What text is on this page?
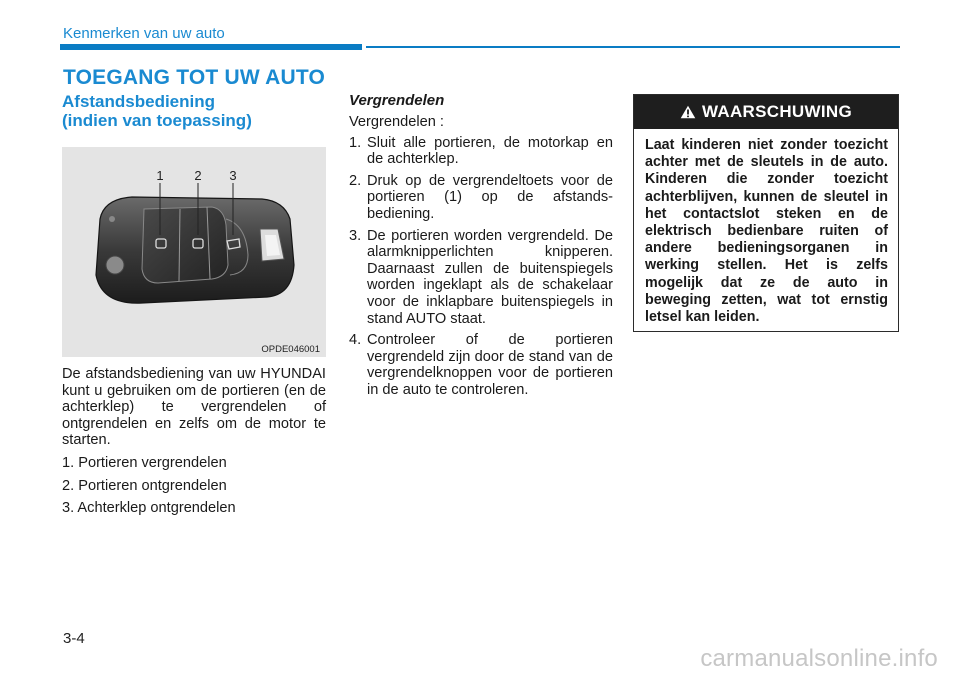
Kenmerken van uw auto
TOEGANG TOT UW AUTO
Afstandsbediening
(indien van toepassing)
1 2 3
OPDE046001
De afstandsbediening van uw HYUNDAI kunt u gebruiken om de portieren (en de achterklep) te vergrendelen of ontgrendelen en zelfs om de motor te starten.
1. Portieren vergrendelen
2. Portieren ontgrendelen
3. Achterklep ontgrendelen
Vergrendelen
Vergrendelen :
1. Sluit alle portieren, de motorkap en de achterklep.
2. Druk op de vergrendeltoets voor de portieren (1) op de afstands-bediening.
3. De portieren worden vergrendeld. De alarmknipperlichten knipperen. Daarnaast zullen de buitenspiegels worden ingeklapt als de schakelaar voor de inklapbare buitenspiegels in stand AUTO staat.
4. Controleer of de portieren vergrendeld zijn door de stand van de vergrendelknoppen voor de portieren in de auto te controleren.
WAARSCHUWING
Laat kinderen niet zonder toezicht achter met de sleutels in de auto. Kinderen die zonder toezicht achterblijven, kunnen de sleutel in het contactslot steken en de elektrisch bedienbare ruiten of andere bedieningsorganen in werking stellen. Het is zelfs mogelijk dat ze de auto in beweging zetten, wat tot ernstig letsel kan leiden.
3-4
carmanualsonline.info
